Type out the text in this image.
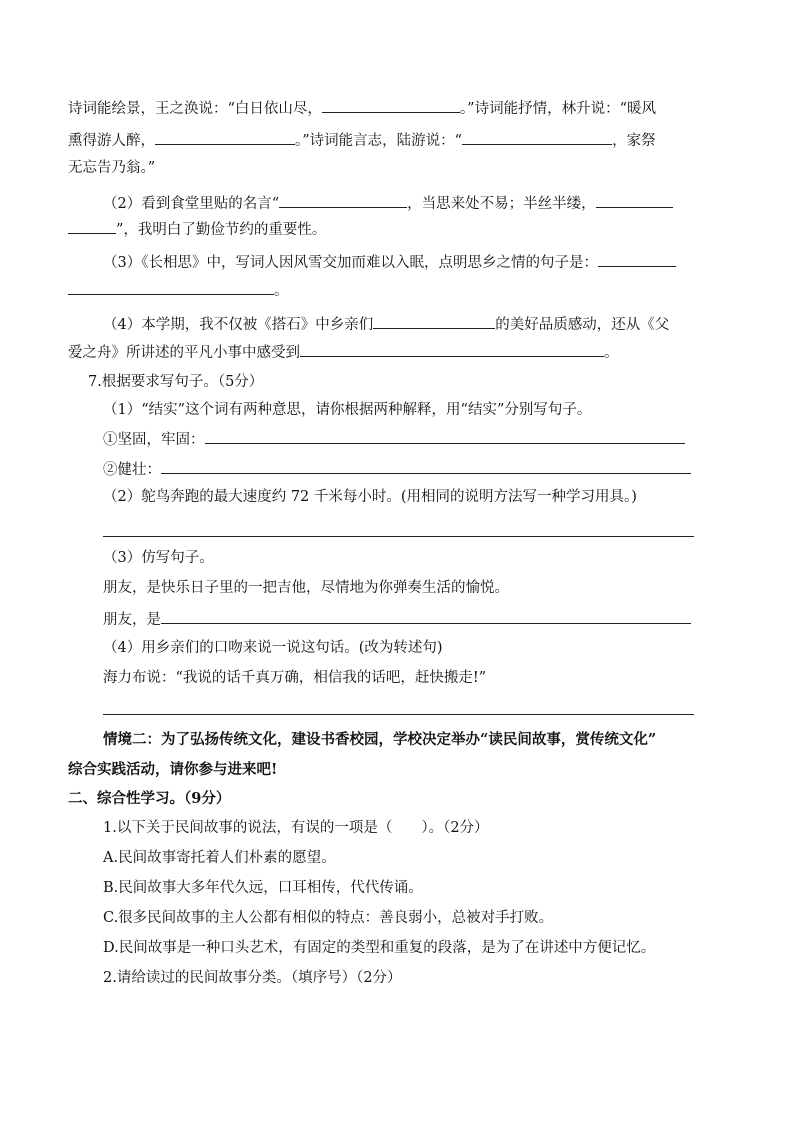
诗词能绘景，王之涣说：“白日依山尽，	。”诗词能抒情，林升说：“暖风
熏得游人醉，	。”诗词能言志，陆游说：“	，家祭
无忘告乃翁。”
（2）看到食堂里贴的名言“	，当思来处不易；半丝半缕，
”，我明白了勤俭节约的重要性。
（3）《长相思》中，写词人因风雪交加而难以入眠，点明思乡之情的句子是：
。
（4）本学期，我不仅被《搭石》中乡亲们	的美好品质感动，还从《父
爱之舟》所讲述的平凡小事中感受到	。
7.根据要求写句子。（5分）
（1）“结实”这个词有两种意思，请你根据两种解释，用“结实”分别写句子。
①坚固，牢固：
②健壮：
（2）鸵鸟奔跑的最大速度约 72 千米每小时。(用相同的说明方法写一种学习用具。)
（3）仿写句子。
朋友，是快乐日子里的一把吉他，尽情地为你弹奏生活的愉悦。
朋友，是
（4）用乡亲们的口吻来说一说这句话。(改为转述句)
海力布说：“我说的话千真万确，相信我的话吧，赶快搬走!”
情境二：为了弘扬传统文化，建设书香校园，学校决定举办“读民间故事，赏传统文化”
综合实践活动，请你参与进来吧!
二、综合性学习。（9分）
1.以下关于民间故事的说法，有误的一项是（　　）。（2分）
A.民间故事寄托着人们朴素的愿望。
B.民间故事大多年代久远，口耳相传，代代传诵。
C.很多民间故事的主人公都有相似的特点：善良弱小，总被对手打败。
D.民间故事是一种口头艺术，有固定的类型和重复的段落，是为了在讲述中方便记忆。
2.请给读过的民间故事分类。（填序号）（2分）
